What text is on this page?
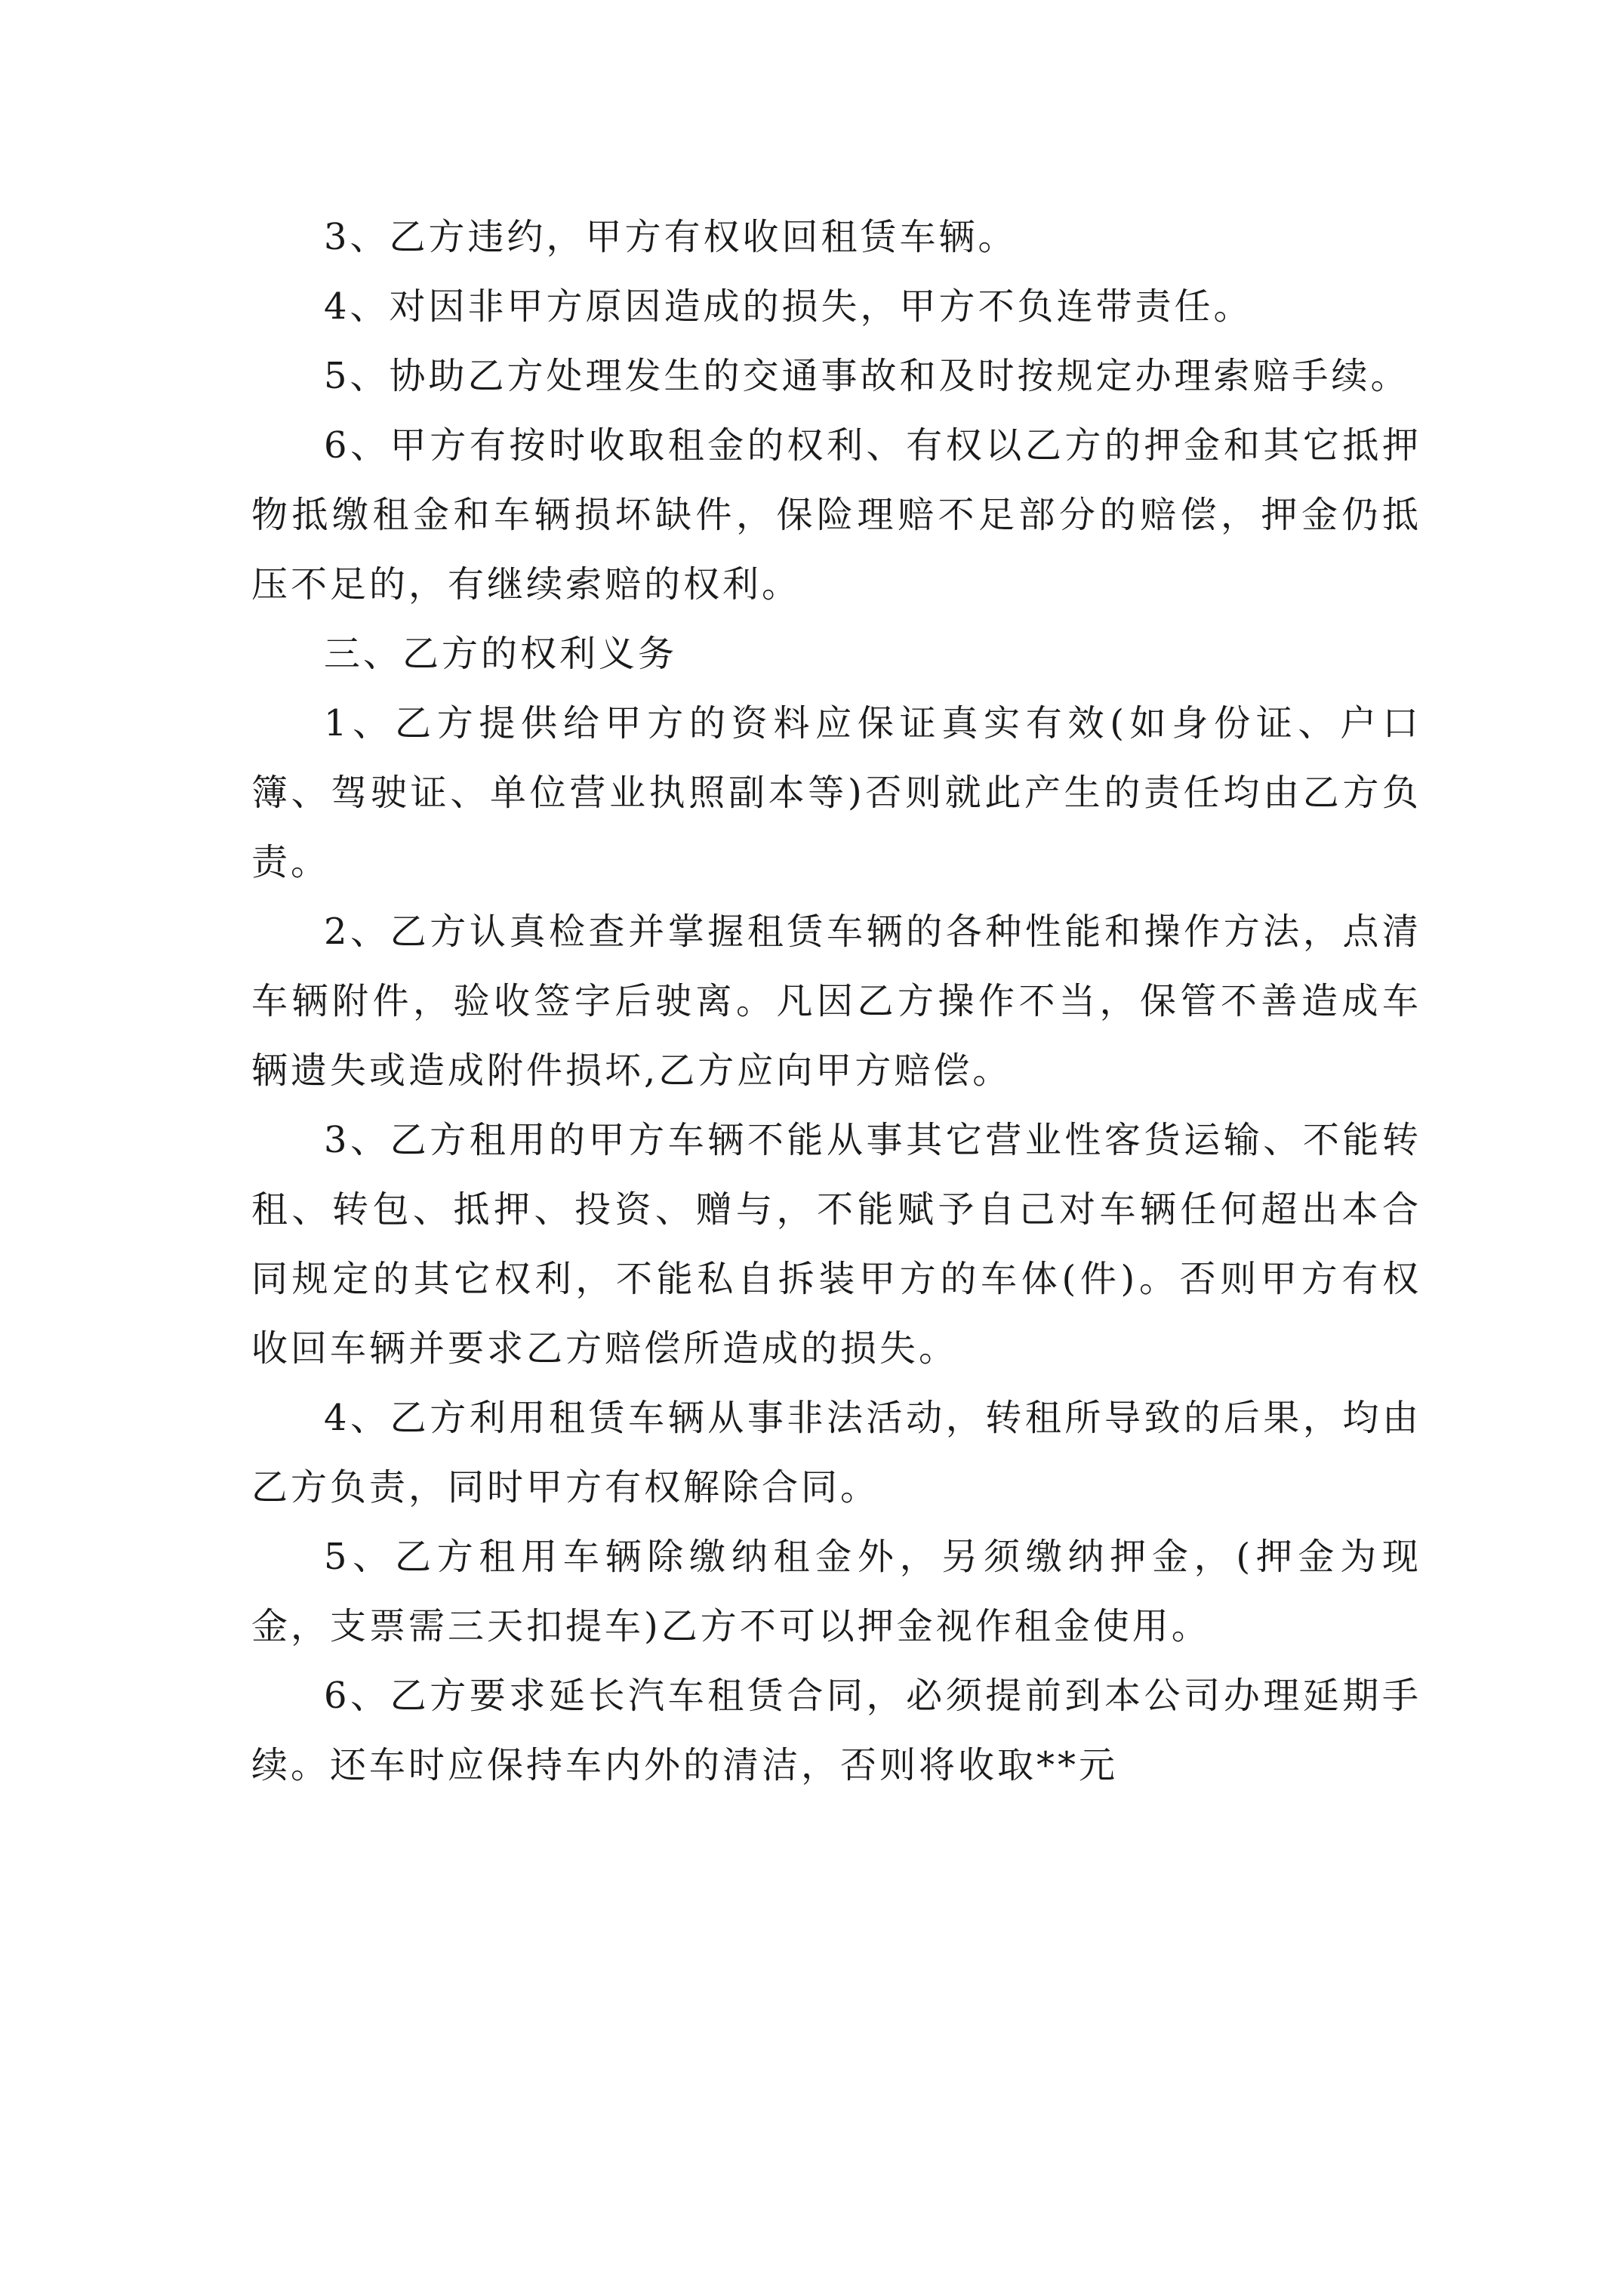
3、乙方违约，甲方有权收回租赁车辆。

4、对因非甲方原因造成的损失，甲方不负连带责任。

5、协助乙方处理发生的交通事故和及时按规定办理索赔手续。

6、甲方有按时收取租金的权利、有权以乙方的押金和其它抵押物抵缴租金和车辆损坏缺件，保险理赔不足部分的赔偿，押金仍抵压不足的，有继续索赔的权利。

三、乙方的权利义务

1、乙方提供给甲方的资料应保证真实有效(如身份证、户口簿、驾驶证、单位营业执照副本等)否则就此产生的责任均由乙方负责。

2、乙方认真检查并掌握租赁车辆的各种性能和操作方法，点清车辆附件，验收签字后驶离。凡因乙方操作不当，保管不善造成车辆遗失或造成附件损坏,乙方应向甲方赔偿。

3、乙方租用的甲方车辆不能从事其它营业性客货运输、不能转租、转包、抵押、投资、赠与，不能赋予自己对车辆任何超出本合同规定的其它权利，不能私自拆装甲方的车体(件)。否则甲方有权收回车辆并要求乙方赔偿所造成的损失。

4、乙方利用租赁车辆从事非法活动，转租所导致的后果，均由乙方负责，同时甲方有权解除合同。

5、乙方租用车辆除缴纳租金外，另须缴纳押金，(押金为现金，支票需三天扣提车)乙方不可以押金视作租金使用。

6、乙方要求延长汽车租赁合同，必须提前到本公司办理延期手续。还车时应保持车内外的清洁，否则将收取**元
